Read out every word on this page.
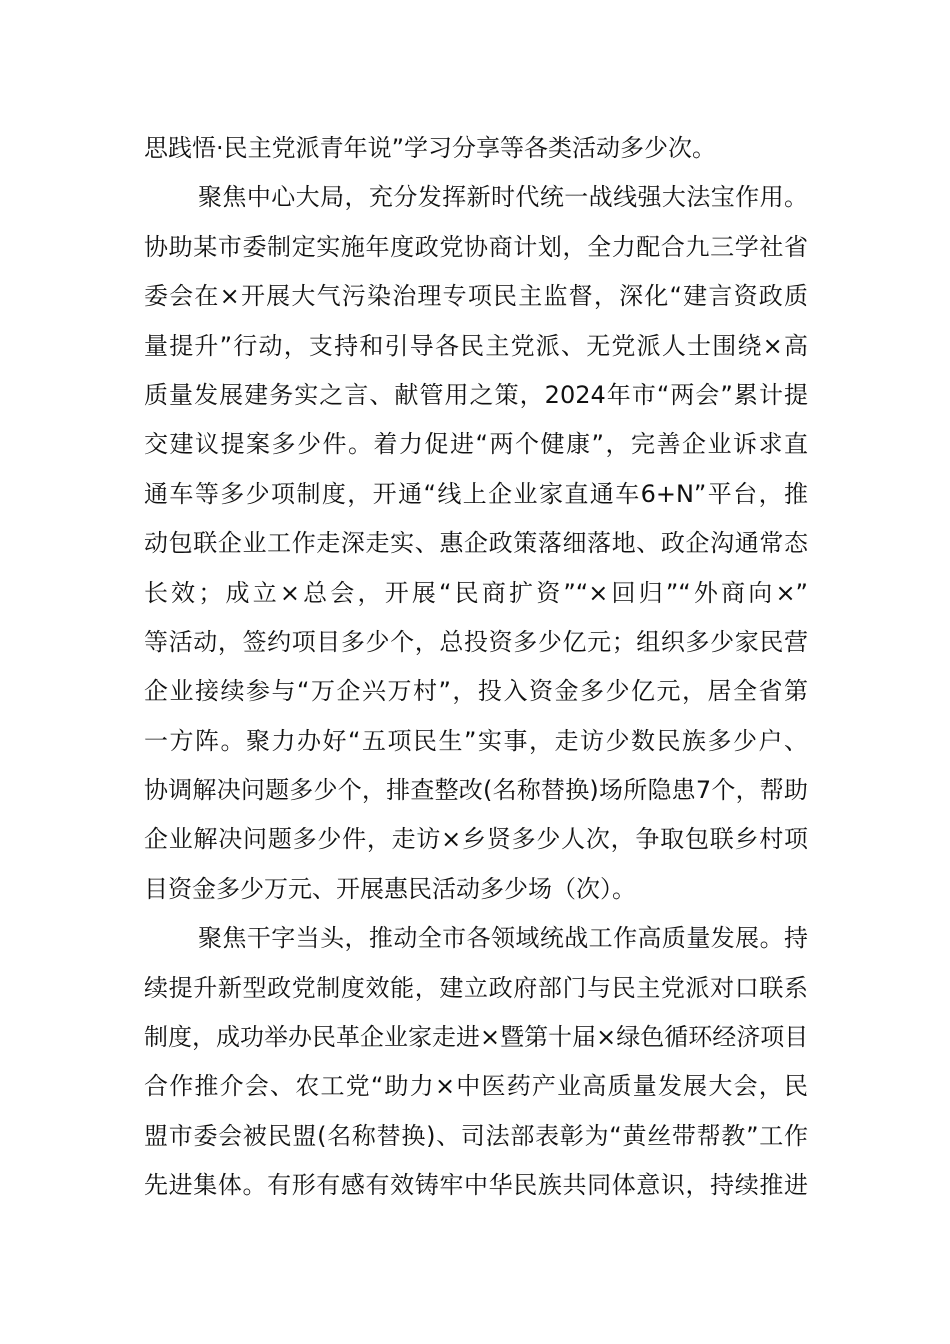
思践悟·民主党派青年说”学习分享等各类活动多少次。
聚焦中心大局，充分发挥新时代统一战线强大法宝作用。
协助某市委制定实施年度政党协商计划，全力配合九三学社省
委会在×开展大气污染治理专项民主监督，深化“建言资政质
量提升”行动，支持和引导各民主党派、无党派人士围绕×高
质量发展建务实之言、献管用之策，2024年市“两会”累计提
交建议提案多少件。着力促进“两个健康”，完善企业诉求直
通车等多少项制度，开通“线上企业家直通车6+N”平台，推
动包联企业工作走深走实、惠企政策落细落地、政企沟通常态
长效；成立×总会，开展“民商扩资”“×回归”“外商向×”
等活动，签约项目多少个，总投资多少亿元；组织多少家民营
企业接续参与“万企兴万村”，投入资金多少亿元，居全省第
一方阵。聚力办好“五项民生”实事，走访少数民族多少户、
协调解决问题多少个，排查整改(名称替换)场所隐患7个，帮助
企业解决问题多少件，走访×乡贤多少人次，争取包联乡村项
目资金多少万元、开展惠民活动多少场（次）。
聚焦干字当头，推动全市各领域统战工作高质量发展。持
续提升新型政党制度效能，建立政府部门与民主党派对口联系
制度，成功举办民革企业家走进×暨第十届×绿色循环经济项目
合作推介会、农工党“助力×中医药产业高质量发展大会，民
盟市委会被民盟(名称替换)、司法部表彰为“黄丝带帮教”工作
先进集体。有形有感有效铸牢中华民族共同体意识，持续推进
